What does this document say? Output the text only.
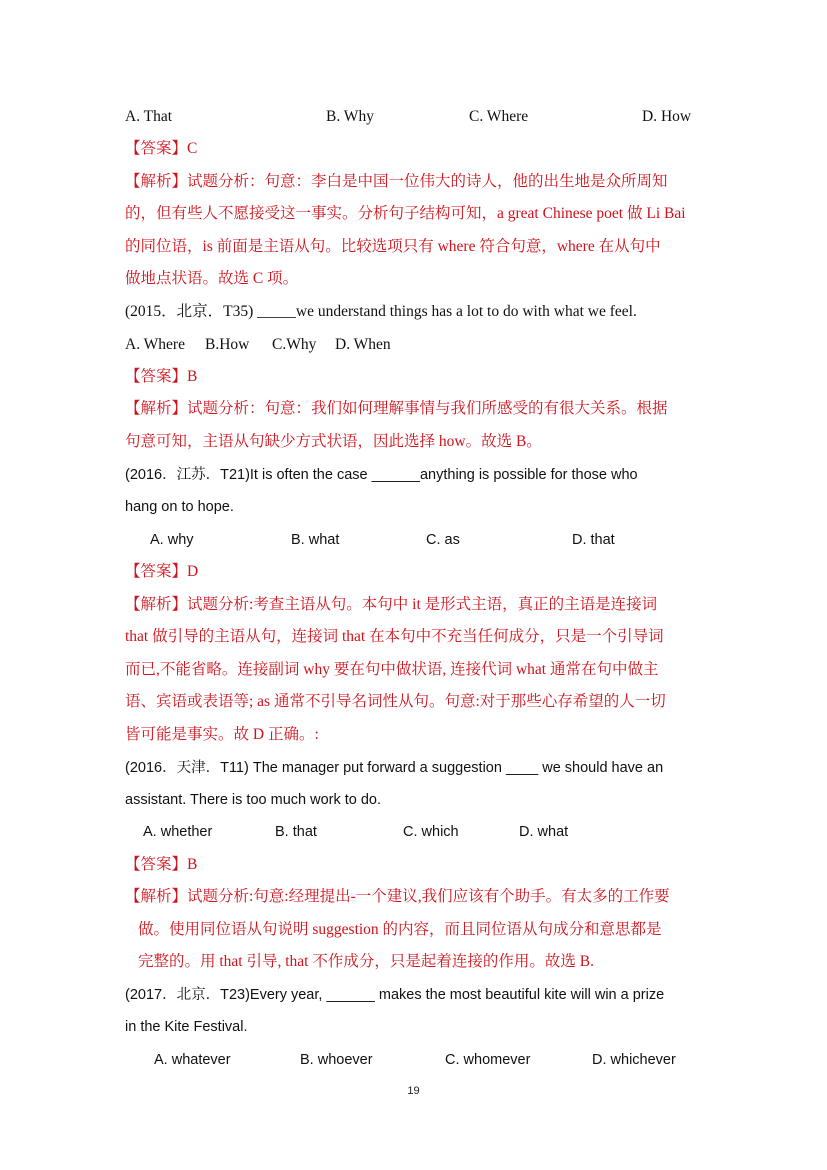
A. That	B. Why	C. Where	D. How
【答案】C
【解析】试题分析：句意：李白是中国一位伟大的诗人，他的出生地是众所周知
的，但有些人不愿接受这一事实。分析句子结构可知，a great Chinese poet 做 Li Bai
的同位语，is 前面是主语从句。比较选项只有 where 符合句意，where 在从句中
做地点状语。故选 C 项。
(2015．北京．T35) _____we understand things has a lot to do with what we feel.
A. Where B.How C.Why D. When
【答案】B
【解析】试题分析：句意：我们如何理解事情与我们所感受的有很大关系。根据
句意可知，主语从句缺少方式状语，因此选择 how。故选 B。
(2016．江苏．T21)It is often the case ______anything is possible for those who
hang on to hope.
A. why	B. what	C. as	D. that
【答案】D
【解析】试题分析:考查主语从句。本句中 it 是形式主语，真正的主语是连接词
that 做引导的主语从句，连接词 that 在本句中不充当任何成分，只是一个引导词
而已,不能省略。连接副词 why 要在句中做状语, 连接代词 what 通常在句中做主
语、宾语或表语等; as 通常不引导名词性从句。句意:对于那些心存希望的人一切
皆可能是事实。故 D 正确。:
(2016．天津．T11) The manager put forward a suggestion ____ we should have an
assistant. There is too much work to do.
A. whether	B. that	C. which	D. what
【答案】B
【解析】试题分析:句意:经理提出-一个建议,我们应该有个助手。有太多的工作要
做。使用同位语从句说明 suggestion 的内容，而且同位语从句成分和意思都是
完整的。用 that 引导, that 不作成分，只是起着连接的作用。故选 B.
(2017．北京．T23)Every year, ______ makes the most beautiful kite will win a prize
in the Kite Festival.
A. whatever	B. whoever	C. whomever	D. whichever
19
